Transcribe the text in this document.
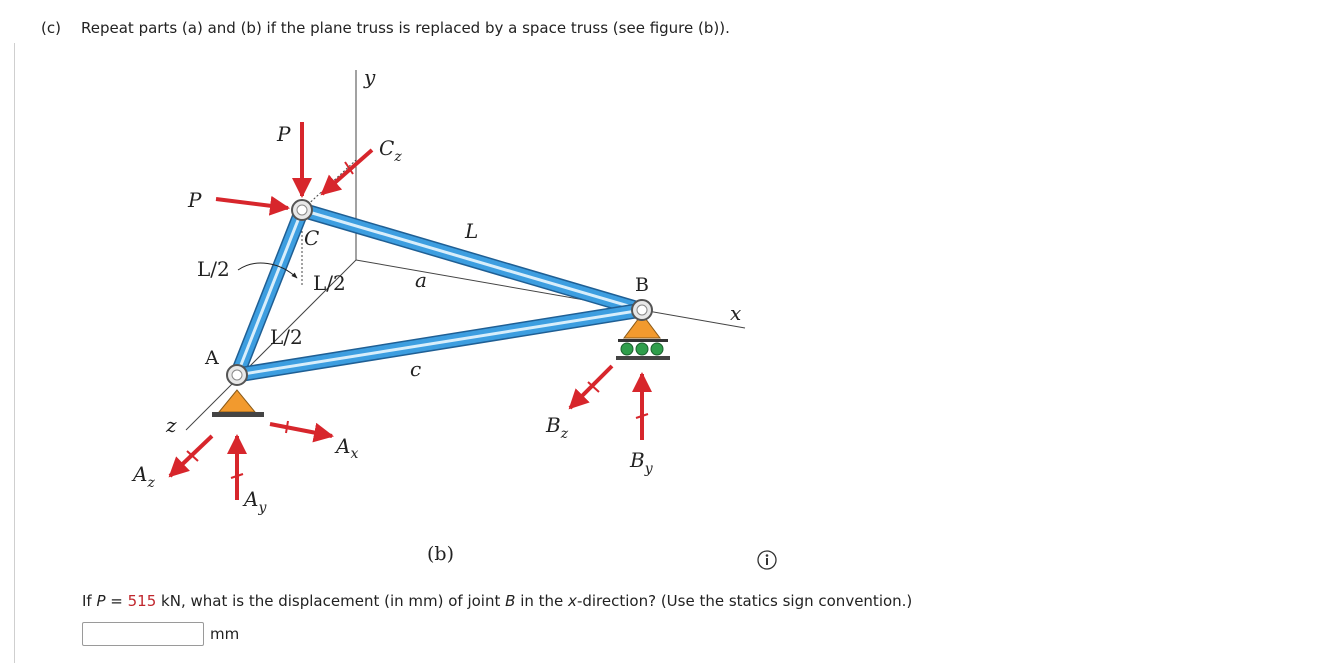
(c) Repeat parts (a) and (b) if the plane truss is replaced by a space truss (see figure (b)).
y
x
z
P
P
$C_z$
C
A
B
L
L/2
L/2
L/2
a
c
$A_x$
$A_y$
$A_z$
$B_z$
$B_y$
(b)
If P = 515 kN, what is the displacement (in mm) of joint B in the x-direction? (Use the statics sign convention.)
mm
